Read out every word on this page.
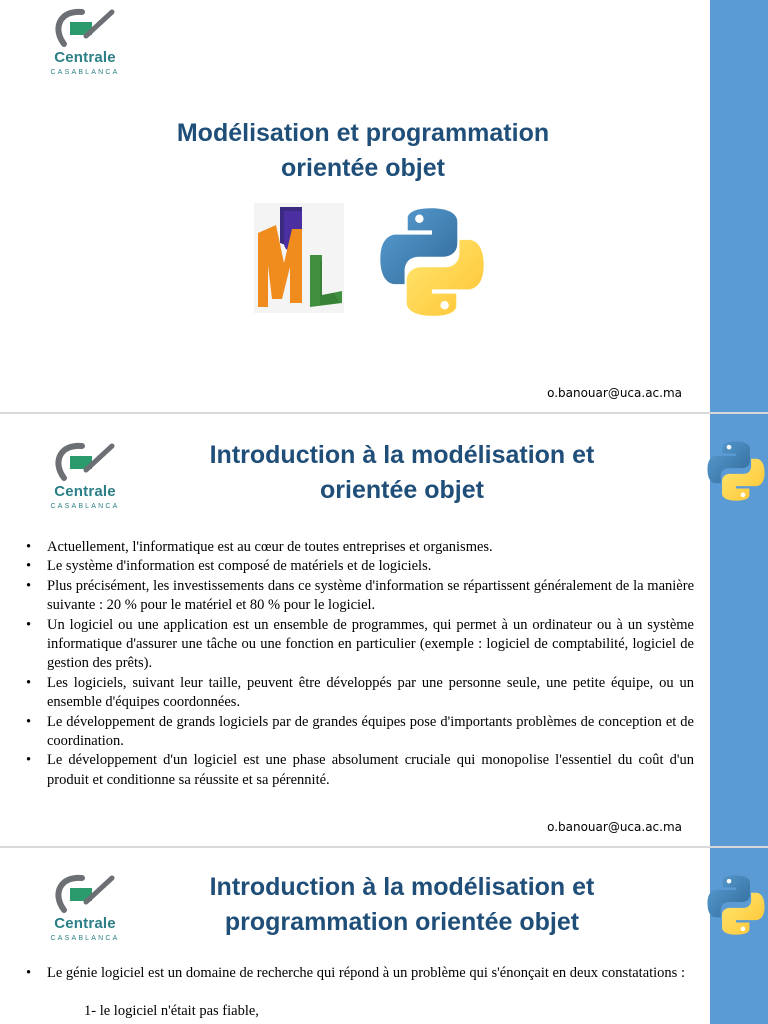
Centrale
CASABLANCA
Modélisation et programmation
orientée objet
o.banouar@uca.ac.ma
Centrale
CASABLANCA
Introduction à la modélisation et
orientée objet
• Actuellement, l'informatique est au cœur de toutes entreprises et organismes.
• Le système d'information est composé de matériels et de logiciels.
• Plus précisément, les investissements dans ce système d'information se répartissent généralement de la manière suivante : 20 % pour le matériel et 80 % pour le logiciel.
• Un logiciel ou une application est un ensemble de programmes, qui permet à un ordinateur ou à un système informatique d'assurer une tâche ou une fonction en particulier (exemple : logiciel de comptabilité, logiciel de gestion des prêts).
• Les logiciels, suivant leur taille, peuvent être développés par une personne seule, une petite équipe, ou un ensemble d'équipes coordonnées.
• Le développement de grands logiciels par de grandes équipes pose d'importants problèmes de conception et de coordination.
• Le développement d'un logiciel est une phase absolument cruciale qui monopolise l'essentiel du coût d'un produit et conditionne sa réussite et sa pérennité.
o.banouar@uca.ac.ma
Centrale
CASABLANCA
Introduction à la modélisation et
programmation orientée objet
• Le génie logiciel est un domaine de recherche qui répond à un problème qui s'énonçait en deux constatations :
1- le logiciel n'était pas fiable,
